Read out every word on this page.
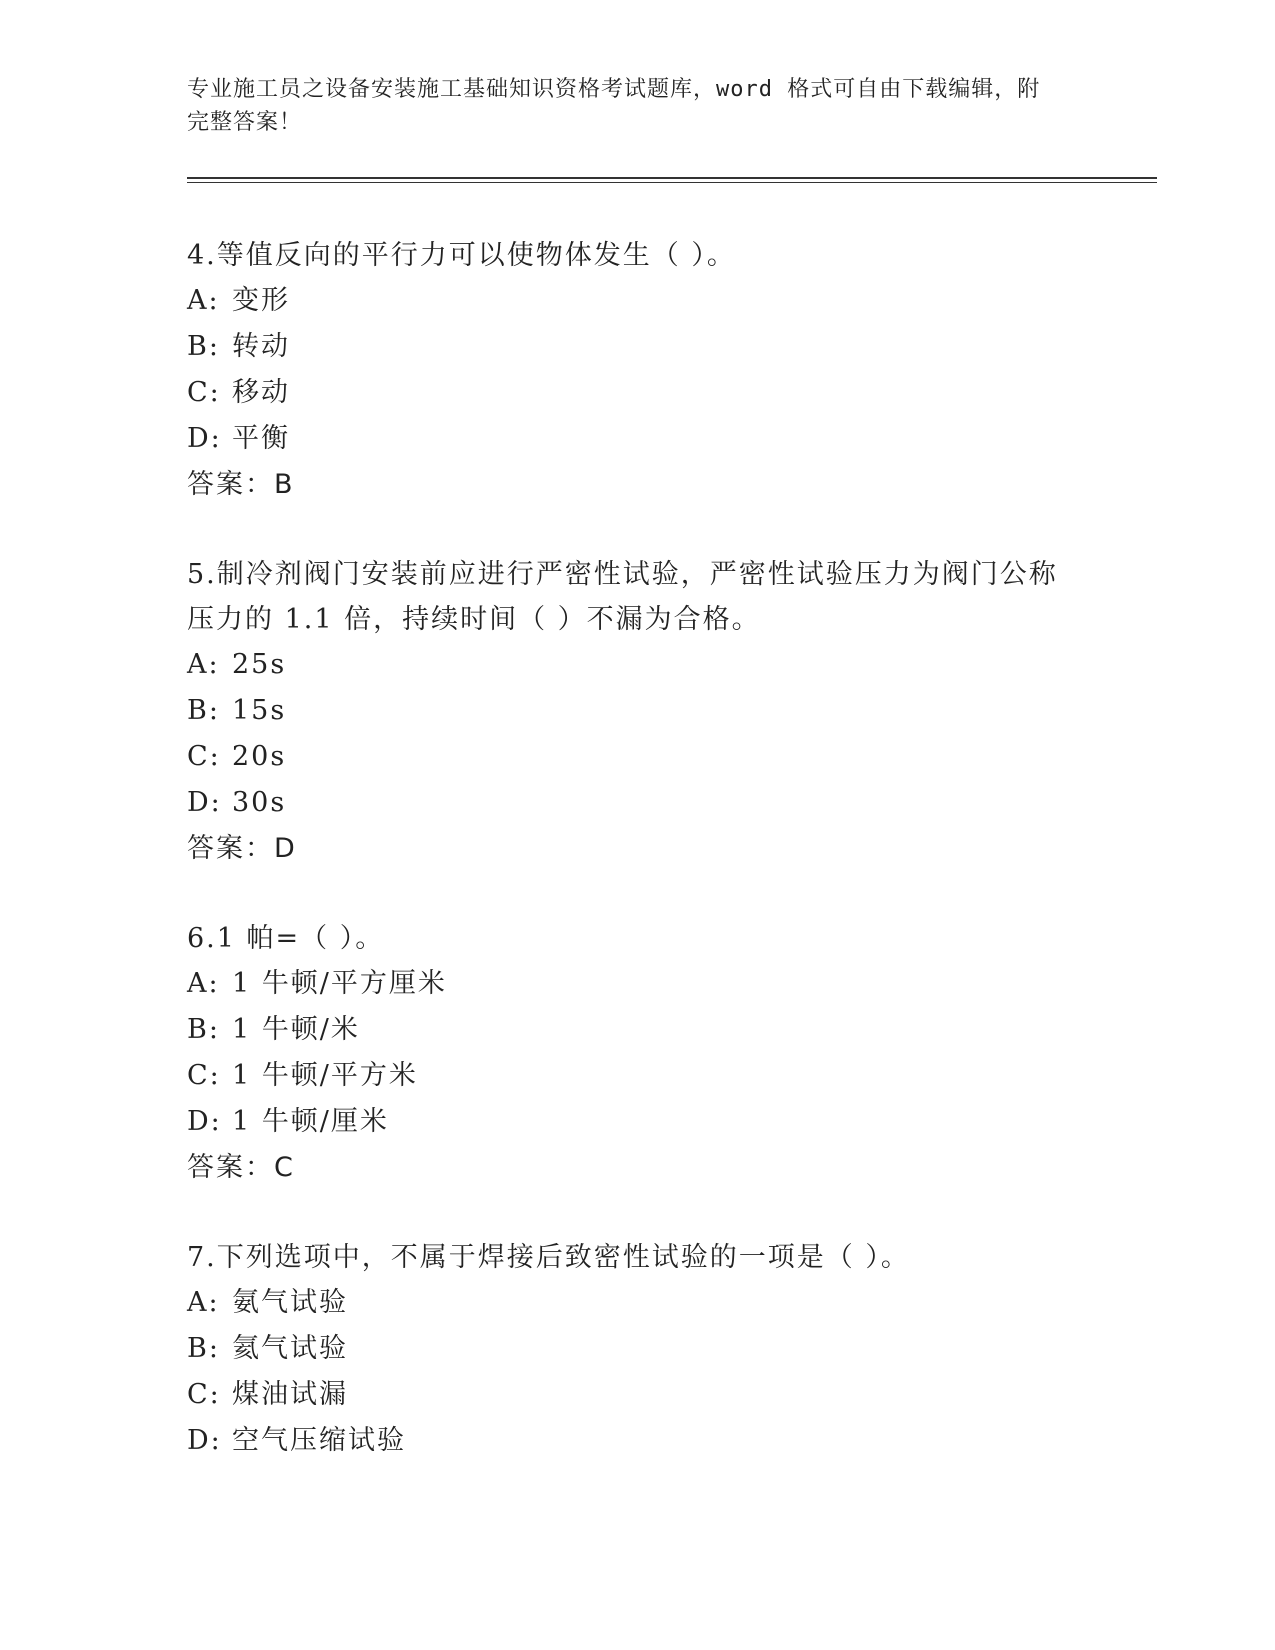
专业施工员之设备安装施工基础知识资格考试题库，word 格式可自由下载编辑，附完整答案！

4.等值反向的平行力可以使物体发生（ ）。

A: 变形
B: 转动
C: 移动
D: 平衡
答案：B

5.制冷剂阀门安装前应进行严密性试验，严密性试验压力为阀门公称压力的 1.1 倍，持续时间（ ）不漏为合格。

A: 25s
B: 15s
C: 20s
D: 30s
答案：D

6.1 帕=（ ）。

A: 1 牛顿/平方厘米
B: 1 牛顿/米
C: 1 牛顿/平方米
D: 1 牛顿/厘米
答案：C

7.下列选项中，不属于焊接后致密性试验的一项是（ ）。

A: 氨气试验
B: 氦气试验
C: 煤油试漏
D: 空气压缩试验
